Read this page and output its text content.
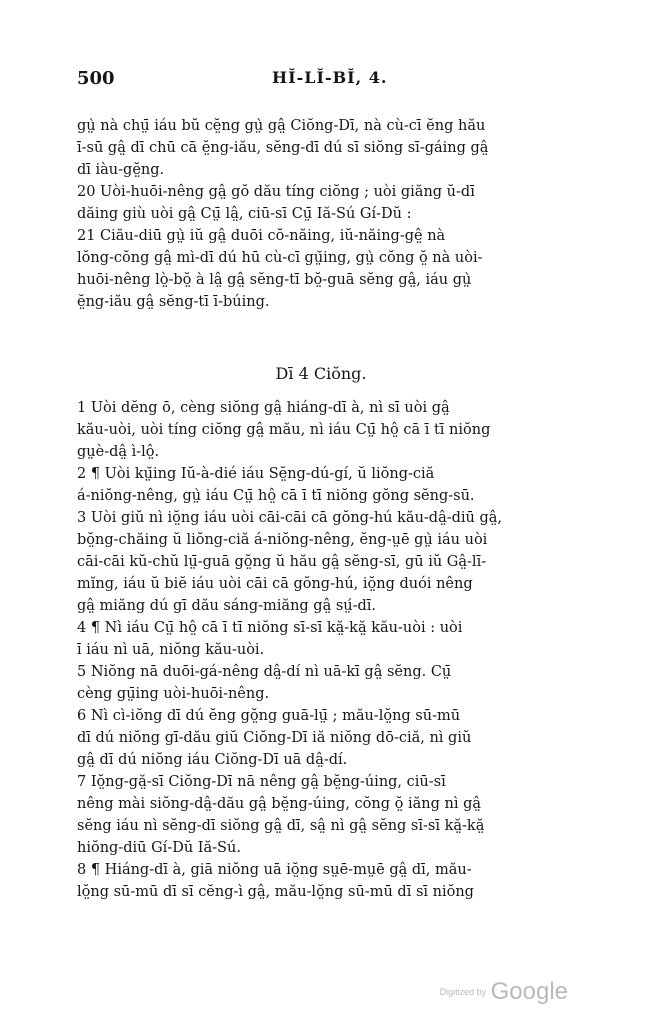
500	HĬ-LĬ-BĬ, 4.
gṳ̀ nà chṳ̄ iáu bŭ cĕ̤ng gṳ̀ gâ̤ Ciŏng-Dī, nà cù-cī ĕng hău
ī-sū gâ̤ dī chū cā ĕ̤ng-iău, sĕng-dī dú sī siŏng sī-gáing gâ̤
dī iàu-gĕ̤ng.
20 Uòi-huōi-nêng gâ̤ gŏ dău tíng ciŏng ; uòi giăng ŭ-dī
dăing giù uòi gâ̤ Cṳ̄ lâ̤, ciū-sī Cṳ̄ Iă-Sú Gí-Dŭ :
21 Ciău-diū gṳ̀ iŭ gâ̤ duōi cŏ-năing, iŭ-năing-gê̤ nà
lŏng-cŏng gâ̤ mì-dī dú hū cù-cī gṳ̆ing, gṳ̀ cŏng ŏ̤ nà uòi-
huōi-nêng lò̤-bŏ̤ à lâ̤ gâ̤ sĕng-tī bŏ̤-guā sĕng gâ̤, iáu gṳ̀
ĕ̤ng-iău gâ̤ sĕng-tī ī-búing.
Dī 4 Ciŏng.
1 Uòi dĕng ō, cèng siŏng gâ̤ hiáng-dī à, nì sī uòi gâ̤
kău-uòi, uòi tíng ciŏng gâ̤ mău, nì iáu Cṳ̄ hô̤ cā ī tī niŏng
gṳè-dâ̤ ì-lô̤.
2 ¶ Uòi kṳ̆ing Iŭ-à-dié iáu Sĕ̤ng-dú-gí, ŭ liŏng-ciă
á-niŏng-nêng, gṳ̀ iáu Cṳ̄ hô̤ cā ī tī niŏng gŏng sĕng-sū.
3 Uòi giŭ nì iŏ̤ng iáu uòi cāi-cāi cā gŏng-hú kău-dâ̤-diū gâ̤,
bŏ̤ng-chăing ŭ liŏng-ciă á-niŏng-nêng, ĕng-ṳē gṳ̀ iáu uòi
cāi-cāi kŭ-chŭ lṳ̄-guā gŏ̤ng ŭ hău gâ̤ sĕng-sī, gū iŭ Gâ̤-lī-
mĭng, iáu ŭ biĕ iáu uòi cāi cā gŏng-hú, iŏ̤ng duói nêng
gâ̤ miăng dú gī dău sáng-miăng gâ̤ sṳ́-dī.
4 ¶ Nì iáu Cṳ̄ hô̤ cā ī tī niŏng sī-sī kă̤-kă̤ kău-uòi : uòi
ī iáu nì uā, niŏng kău-uòi.
5 Niŏng nā duōi-gá-nêng dâ̤-dí nì uā-kī gâ̤ sĕng. Cṳ̄
cèng gṳ̄ing uòi-huōi-nêng.
6 Nì cì-iŏng dī dú ĕng gŏ̤ng guā-lṳ̄ ; mău-lŏ̤ng sū-mū
dī dú niŏng gī-dău giŭ Ciŏng-Dī iă niŏng dō-ciă, nì giŭ
gâ̤ dī dú niŏng iáu Ciŏng-Dī uā dâ̤-dí.
7 Iŏ̤ng-gă̤-sī Ciŏng-Dī nā nêng gâ̤ bĕ̤ng-úing, ciū-sī
nêng mài siŏng-dâ̤-dău gâ̤ bĕ̤ng-úing, cŏng ŏ̤ iăng nì gâ̤
sĕng iáu nì sĕng-dī siŏng gâ̤ dī, sâ̤ nì gâ̤ sĕng sī-sī kă̤-kă̤
hiŏng-diū Gí-Dŭ Iă-Sú.
8 ¶ Hiáng-dī à, giā niŏng uā iŏ̤ng sṳē-mṳē gâ̤ dī, mău-
lŏ̤ng sū-mū dī sī cĕng-ì gâ̤, mău-lŏ̤ng sū-mū dī sī niŏng
Digitized by Google
